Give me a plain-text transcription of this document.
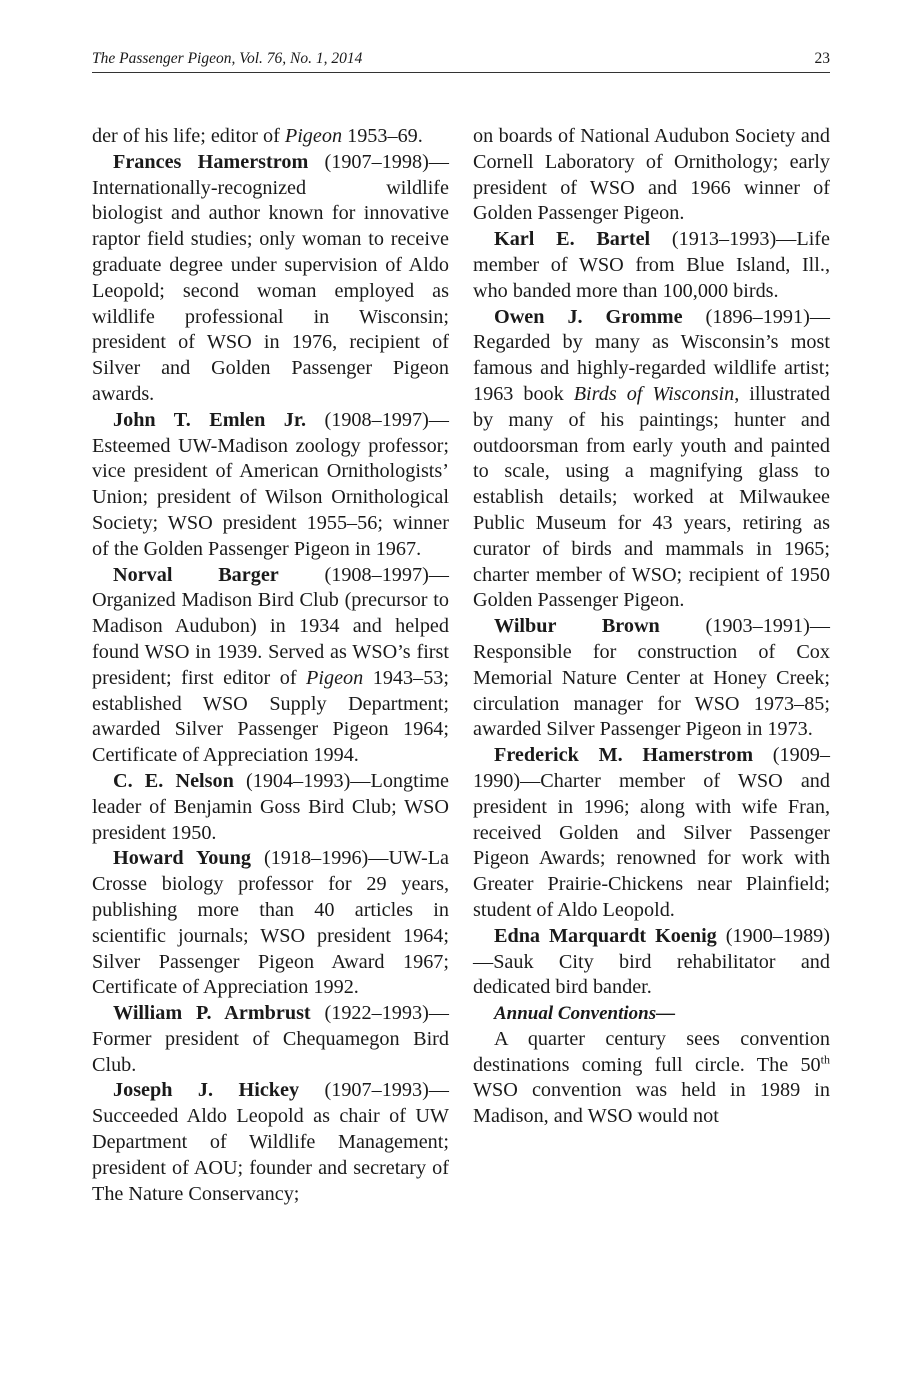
The Passenger Pigeon, Vol. 76, No. 1, 2014	23

der of his life; editor of Pigeon 1953–69.

Frances Hamerstrom (1907–1998)—Internationally-recognized wildlife biologist and author known for innovative raptor field studies; only woman to receive graduate degree under supervision of Aldo Leopold; second woman employed as wildlife professional in Wisconsin; president of WSO in 1976, recipient of Silver and Golden Passenger Pigeon awards.

John T. Emlen Jr. (1908–1997)—Esteemed UW-Madison zoology professor; vice president of American Ornithologists’ Union; president of Wilson Ornithological Society; WSO president 1955–56; winner of the Golden Passenger Pigeon in 1967.

Norval Barger (1908–1997)—Organized Madison Bird Club (precursor to Madison Audubon) in 1934 and helped found WSO in 1939. Served as WSO’s first president; first editor of Pigeon 1943–53; established WSO Supply Department; awarded Silver Passenger Pigeon 1964; Certificate of Appreciation 1994.

C. E. Nelson (1904–1993)—Longtime leader of Benjamin Goss Bird Club; WSO president 1950.

Howard Young (1918–1996)—UW-La Crosse biology professor for 29 years, publishing more than 40 articles in scientific journals; WSO president 1964; Silver Passenger Pigeon Award 1967; Certificate of Appreciation 1992.

William P. Armbrust (1922–1993)—Former president of Chequamegon Bird Club.

Joseph J. Hickey (1907–1993)—Succeeded Aldo Leopold as chair of UW Department of Wildlife Management; president of AOU; founder and secretary of The Nature Conservancy;

on boards of National Audubon Society and Cornell Laboratory of Ornithology; early president of WSO and 1966 winner of Golden Passenger Pigeon.

Karl E. Bartel (1913–1993)—Life member of WSO from Blue Island, Ill., who banded more than 100,000 birds.

Owen J. Gromme (1896–1991)—Regarded by many as Wisconsin’s most famous and highly-regarded wildlife artist; 1963 book Birds of Wisconsin, illustrated by many of his paintings; hunter and outdoorsman from early youth and painted to scale, using a magnifying glass to establish details; worked at Milwaukee Public Museum for 43 years, retiring as curator of birds and mammals in 1965; charter member of WSO; recipient of 1950 Golden Passenger Pigeon.

Wilbur Brown (1903–1991)—Responsible for construction of Cox Memorial Nature Center at Honey Creek; circulation manager for WSO 1973–85; awarded Silver Passenger Pigeon in 1973.

Frederick M. Hamerstrom (1909–1990)—Charter member of WSO and president in 1996; along with wife Fran, received Golden and Silver Passenger Pigeon Awards; renowned for work with Greater Prairie-Chickens near Plainfield; student of Aldo Leopold.

Edna Marquardt Koenig (1900–1989)—Sauk City bird rehabilitator and dedicated bird bander.

Annual Conventions—

A quarter century sees convention destinations coming full circle. The 50th WSO convention was held in 1989 in Madison, and WSO would not
